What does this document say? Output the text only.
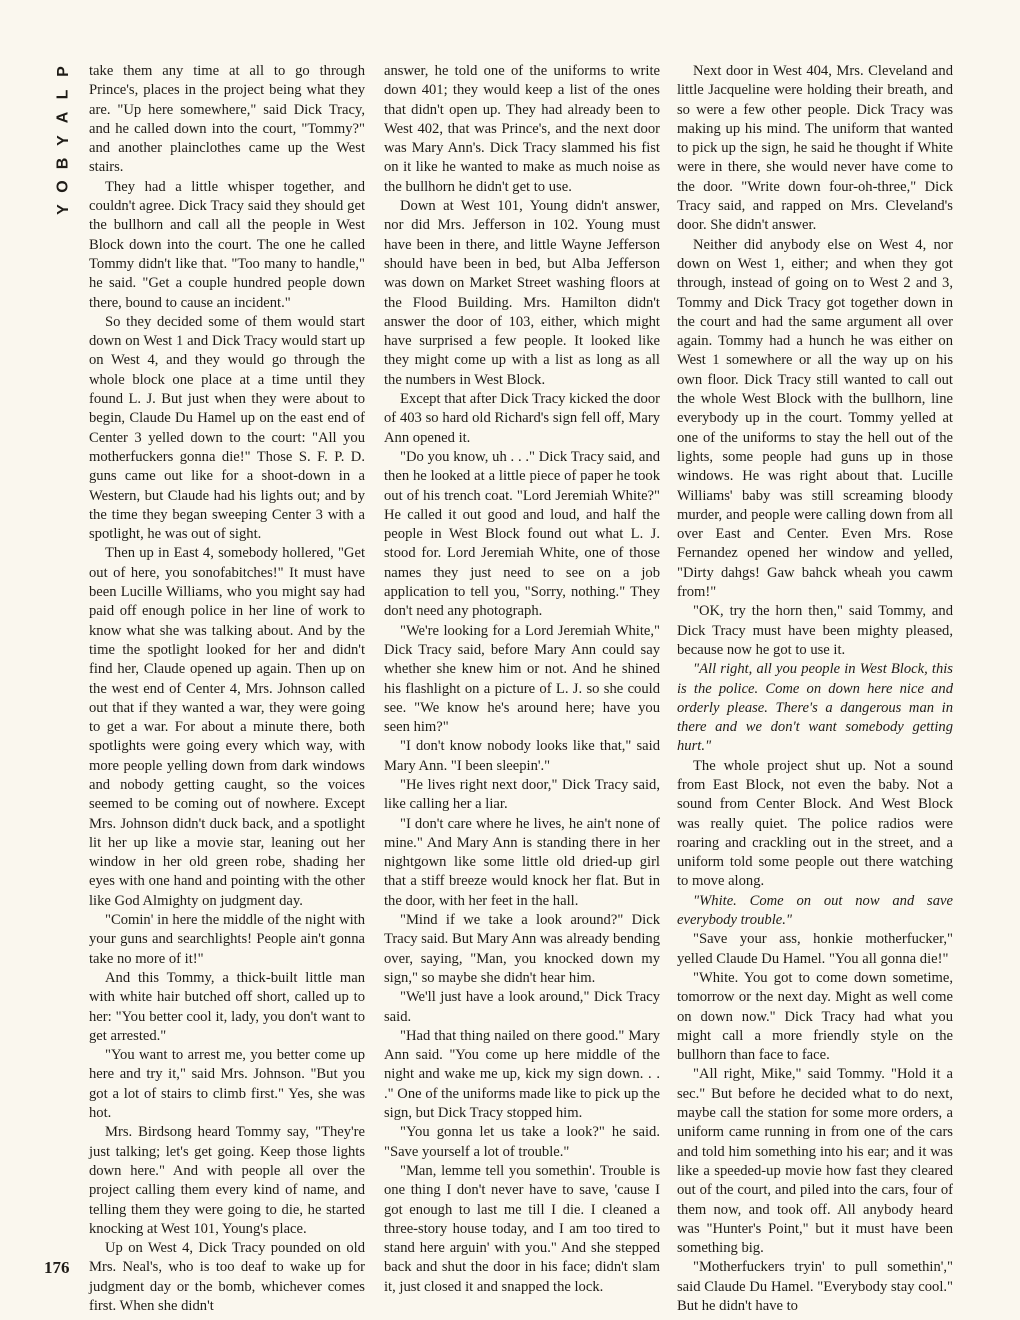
P
L
A
Y
B
O
Y

take them any time at all to go through Prince's, places in the project being what they are. "Up here somewhere," said Dick Tracy, and he called down into the court, "Tommy?" and another plainclothes came up the West stairs.

They had a little whisper together, and couldn't agree. Dick Tracy said they should get the bullhorn and call all the people in West Block down into the court. The one he called Tommy didn't like that. "Too many to handle," he said. "Get a couple hundred people down there, bound to cause an incident."

So they decided some of them would start down on West 1 and Dick Tracy would start up on West 4, and they would go through the whole block one place at a time until they found L. J. But just when they were about to begin, Claude Du Hamel up on the east end of Center 3 yelled down to the court: "All you motherfuckers gonna die!" Those S. F. P. D. guns came out like for a shoot-down in a Western, but Claude had his lights out; and by the time they began sweeping Center 3 with a spotlight, he was out of sight.

Then up in East 4, somebody hollered, "Get out of here, you sonofabitches!" It must have been Lucille Williams, who you might say had paid off enough police in her line of work to know what she was talking about. And by the time the spotlight looked for her and didn't find her, Claude opened up again. Then up on the west end of Center 4, Mrs. Johnson called out that if they wanted a war, they were going to get a war. For about a minute there, both spotlights were going every which way, with more people yelling down from dark windows and nobody getting caught, so the voices seemed to be coming out of nowhere. Except Mrs. Johnson didn't duck back, and a spotlight lit her up like a movie star, leaning out her window in her old green robe, shading her eyes with one hand and pointing with the other like God Almighty on judgment day.

"Comin' in here the middle of the night with your guns and searchlights! People ain't gonna take no more of it!"

And this Tommy, a thick-built little man with white hair butched off short, called up to her: "You better cool it, lady, you don't want to get arrested."

"You want to arrest me, you better come up here and try it," said Mrs. Johnson. "But you got a lot of stairs to climb first." Yes, she was hot.

Mrs. Birdsong heard Tommy say, "They're just talking; let's get going. Keep those lights down here." And with people all over the project calling them every kind of name, and telling them they were going to die, he started knocking at West 101, Young's place.

Up on West 4, Dick Tracy pounded on old Mrs. Neal's, who is too deaf to wake up for judgment day or the bomb, whichever comes first. When she didn't

answer, he told one of the uniforms to write down 401; they would keep a list of the ones that didn't open up. They had already been to West 402, that was Prince's, and the next door was Mary Ann's. Dick Tracy slammed his fist on it like he wanted to make as much noise as the bullhorn he didn't get to use.

Down at West 101, Young didn't answer, nor did Mrs. Jefferson in 102. Young must have been in there, and little Wayne Jefferson should have been in bed, but Alba Jefferson was down on Market Street washing floors at the Flood Building. Mrs. Hamilton didn't answer the door of 103, either, which might have surprised a few people. It looked like they might come up with a list as long as all the numbers in West Block.

Except that after Dick Tracy kicked the door of 403 so hard old Richard's sign fell off, Mary Ann opened it.

"Do you know, uh . . ." Dick Tracy said, and then he looked at a little piece of paper he took out of his trench coat. "Lord Jeremiah White?" He called it out good and loud, and half the people in West Block found out what L. J. stood for. Lord Jeremiah White, one of those names they just need to see on a job application to tell you, "Sorry, nothing." They don't need any photograph.

"We're looking for a Lord Jeremiah White," Dick Tracy said, before Mary Ann could say whether she knew him or not. And he shined his flashlight on a picture of L. J. so she could see. "We know he's around here; have you seen him?"

"I don't know nobody looks like that," said Mary Ann. "I been sleepin'."

"He lives right next door," Dick Tracy said, like calling her a liar.

"I don't care where he lives, he ain't none of mine." And Mary Ann is standing there in her nightgown like some little old dried-up girl that a stiff breeze would knock her flat. But in the door, with her feet in the hall.

"Mind if we take a look around?" Dick Tracy said. But Mary Ann was already bending over, saying, "Man, you knocked down my sign," so maybe she didn't hear him.

"We'll just have a look around," Dick Tracy said.

"Had that thing nailed on there good." Mary Ann said. "You come up here middle of the night and wake me up, kick my sign down. . . ." One of the uniforms made like to pick up the sign, but Dick Tracy stopped him.

"You gonna let us take a look?" he said. "Save yourself a lot of trouble."

"Man, lemme tell you somethin'. Trouble is one thing I don't never have to save, 'cause I got enough to last me till I die. I cleaned a three-story house today, and I am too tired to stand here arguin' with you." And she stepped back and shut the door in his face; didn't slam it, just closed it and snapped the lock.

Next door in West 404, Mrs. Cleveland and little Jacqueline were holding their breath, and so were a few other people. Dick Tracy was making up his mind. The uniform that wanted to pick up the sign, he said he thought if White were in there, she would never have come to the door. "Write down four-oh-three," Dick Tracy said, and rapped on Mrs. Cleveland's door. She didn't answer.

Neither did anybody else on West 4, nor down on West 1, either; and when they got through, instead of going on to West 2 and 3, Tommy and Dick Tracy got together down in the court and had the same argument all over again. Tommy had a hunch he was either on West 1 somewhere or all the way up on his own floor. Dick Tracy still wanted to call out the whole West Block with the bullhorn, line everybody up in the court. Tommy yelled at one of the uniforms to stay the hell out of the lights, some people had guns up in those windows. He was right about that. Lucille Williams' baby was still screaming bloody murder, and people were calling down from all over East and Center. Even Mrs. Rose Fernandez opened her window and yelled, "Dirty dahgs! Gaw bahck wheah you cawm from!"

"OK, try the horn then," said Tommy, and Dick Tracy must have been mighty pleased, because now he got to use it.

"All right, all you people in West Block, this is the police. Come on down here nice and orderly please. There's a dangerous man in there and we don't want somebody getting hurt."

The whole project shut up. Not a sound from East Block, not even the baby. Not a sound from Center Block. And West Block was really quiet. The police radios were roaring and crackling out in the street, and a uniform told some people out there watching to move along.

"White. Come on out now and save everybody trouble."

"Save your ass, honkie motherfucker," yelled Claude Du Hamel. "You all gonna die!"

"White. You got to come down sometime, tomorrow or the next day. Might as well come on down now." Dick Tracy had what you might call a more friendly style on the bullhorn than face to face.

"All right, Mike," said Tommy. "Hold it a sec." But before he decided what to do next, maybe call the station for some more orders, a uniform came running in from one of the cars and told him something into his ear; and it was like a speeded-up movie how fast they cleared out of the court, and piled into the cars, four of them now, and took off. All anybody heard was "Hunter's Point," but it must have been something big.

"Motherfuckers tryin' to pull somethin'," said Claude Du Hamel. "Everybody stay cool." But he didn't have to

176
